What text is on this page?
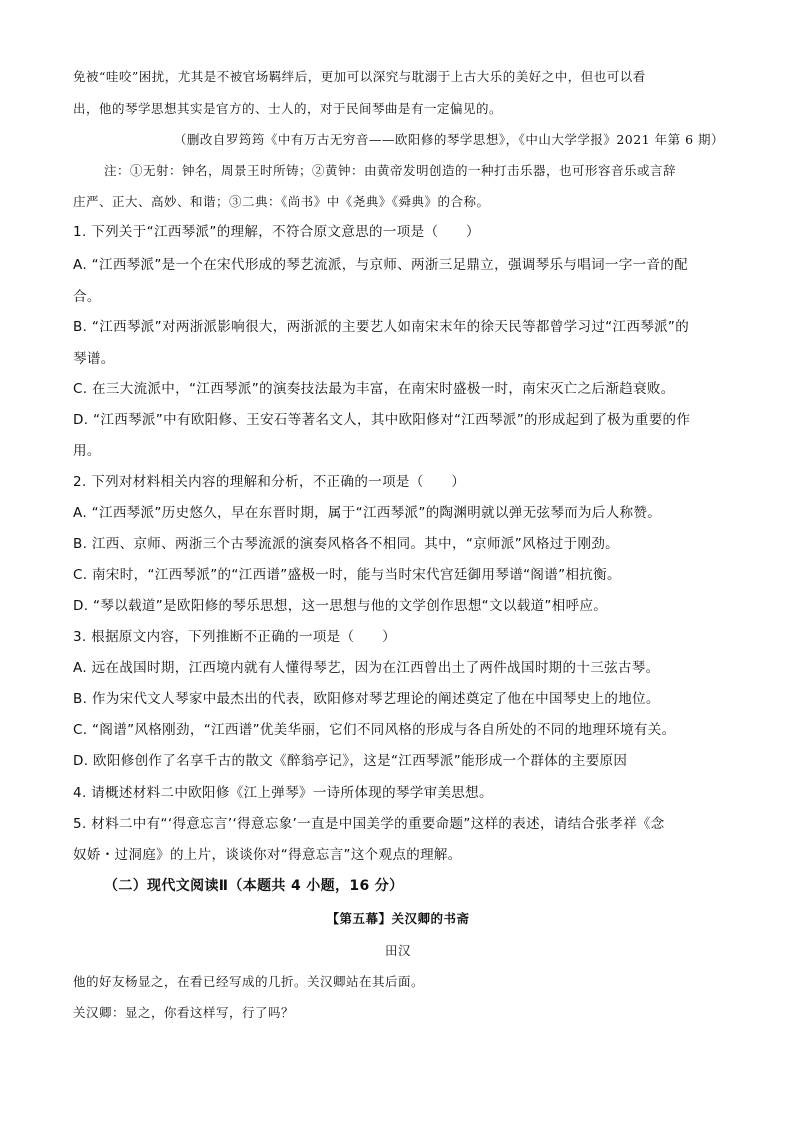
免被“哇咬”困扰，尤其是不被官场羁绊后，更加可以深究与耽溺于上古大乐的美好之中，但也可以看
出，他的琴学思想其实是官方的、士人的，对于民间琴曲是有一定偏见的。
（删改自罗筠筠《中有万古无穷音——欧阳修的琴学思想》，《中山大学学报》2021 年第 6 期）
注：①无射：钟名，周景王时所铸；②黄钟：由黄帝发明创造的一种打击乐器，也可形容音乐或言辞
庄严、正大、高妙、和谐；③二典：《尚书》中《尧典》《舜典》的合称。
1. 下列关于“江西琴派”的理解，不符合原文意思的一项是（　　）
A. “江西琴派”是一个在宋代形成的琴艺流派，与京师、两浙三足鼎立，强调琴乐与唱词一字一音的配
合。
B. “江西琴派”对两浙派影响很大，两浙派的主要艺人如南宋末年的徐天民等都曾学习过“江西琴派”的
琴谱。
C. 在三大流派中，“江西琴派”的演奏技法最为丰富，在南宋时盛极一时，南宋灭亡之后渐趋衰败。
D. “江西琴派”中有欧阳修、王安石等著名文人，其中欧阳修对“江西琴派”的形成起到了极为重要的作
用。
2. 下列对材料相关内容的理解和分析，不正确的一项是（　　）
A. “江西琴派”历史悠久，早在东晋时期，属于“江西琴派”的陶渊明就以弹无弦琴而为后人称赞。
B. 江西、京师、两浙三个古琴流派的演奏风格各不相同。其中，“京师派”风格过于刚劲。
C. 南宋时，“江西琴派”的“江西谱”盛极一时，能与当时宋代宫廷御用琴谱“阁谱”相抗衡。
D. “琴以载道”是欧阳修的琴乐思想，这一思想与他的文学创作思想“文以载道”相呼应。
3. 根据原文内容，下列推断不正确的一项是（　　）
A. 远在战国时期，江西境内就有人懂得琴艺，因为在江西曾出土了两件战国时期的十三弦古琴。
B. 作为宋代文人琴家中最杰出的代表，欧阳修对琴艺理论的阐述奠定了他在中国琴史上的地位。
C. “阁谱”风格刚劲，“江西谱”优美华丽，它们不同风格的形成与各自所处的不同的地理环境有关。
D. 欧阳修创作了名享千古的散文《醉翁亭记》，这是“江西琴派”能形成一个群体的主要原因
4. 请概述材料二中欧阳修《江上弹琴》一诗所体现的琴学审美思想。
5. 材料二中有“‘得意忘言’‘得意忘象’一直是中国美学的重要命题”这样的表述，请结合张孝祥《念
奴娇・过洞庭》的上片，谈谈你对“得意忘言”这个观点的理解。
（二）现代文阅读Ⅱ（本题共 4 小题，16 分）
【第五幕】关汉卿的书斋
田汉
他的好友杨显之，在看已经写成的几折。关汉卿站在其后面。
关汉卿：显之，你看这样写，行了吗？
